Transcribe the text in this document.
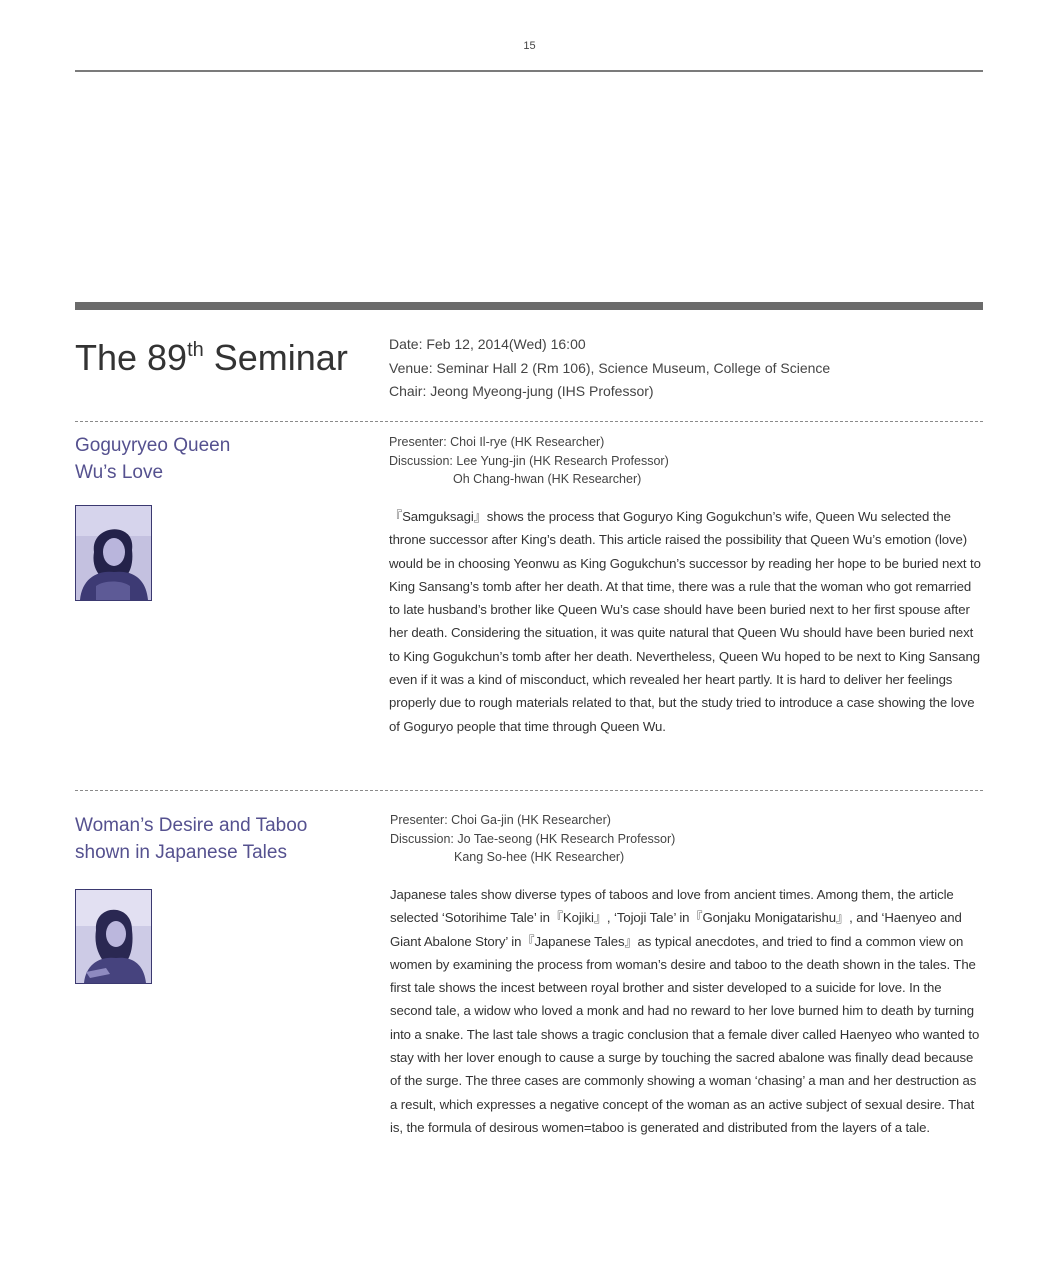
15
The 89th Seminar	Date: Feb 12, 2014(Wed) 16:00
Venue: Seminar Hall 2 (Rm 106), Science Museum, College of Science
Chair: Jeong Myeong-jung (IHS Professor)
Goguyryeo Queen
Wu’s Love
Presenter: Choi Il-rye (HK Researcher)
Discussion: Lee Yung-jin (HK Research Professor)
Oh Chang-hwan (HK Researcher)

『Samguksagi』shows the process that Goguryo King Gogukchun’s wife, Queen Wu selected the throne successor after King’s death. This article raised the possibility that Queen Wu’s emotion (love) would be in choosing Yeonwu as King Gogukchun’s successor by reading her hope to be buried next to King Sansang’s tomb after her death. At that time, there was a rule that the woman who got remarried to late husband’s brother like Queen Wu’s case should have been buried next to her first spouse after her death. Considering the situation, it was quite natural that Queen Wu should have been buried next to King Gogukchun’s tomb after her death. Nevertheless, Queen Wu hoped to be next to King Sansang even if it was a kind of misconduct, which revealed her heart partly. It is hard to deliver her feelings properly due to rough materials related to that, but the study tried to introduce a case showing the love of Goguryo people that time through Queen Wu.

Woman’s Desire and Taboo
shown in Japanese Tales
Presenter: Choi Ga-jin (HK Researcher)
Discussion: Jo Tae-seong (HK Research Professor)
Kang So-hee (HK Researcher)

Japanese tales show diverse types of taboos and love from ancient times. Among them, the article selected ‘Sotorihime Tale’ in『Kojiki』, ‘Tojoji Tale’ in『Gonjaku Monigatarishu』, and ‘Haenyeo and Giant Abalone Story’ in『Japanese Tales』as typical anecdotes, and tried to find a common view on women by examining the process from woman’s desire and taboo to the death shown in the tales. The first tale shows the incest between royal brother and sister developed to a suicide for love. In the second tale, a widow who loved a monk and had no reward to her love burned him to death by turning into a snake. The last tale shows a tragic conclusion that a female diver called Haenyeo who wanted to stay with her lover enough to cause a surge by touching the sacred abalone was finally dead because of the surge. The three cases are commonly showing a woman ‘chasing’ a man and her destruction as a result, which expresses a negative concept of the woman as an active subject of sexual desire. That is, the formula of desirous women=taboo is generated and distributed from the layers of a tale.
